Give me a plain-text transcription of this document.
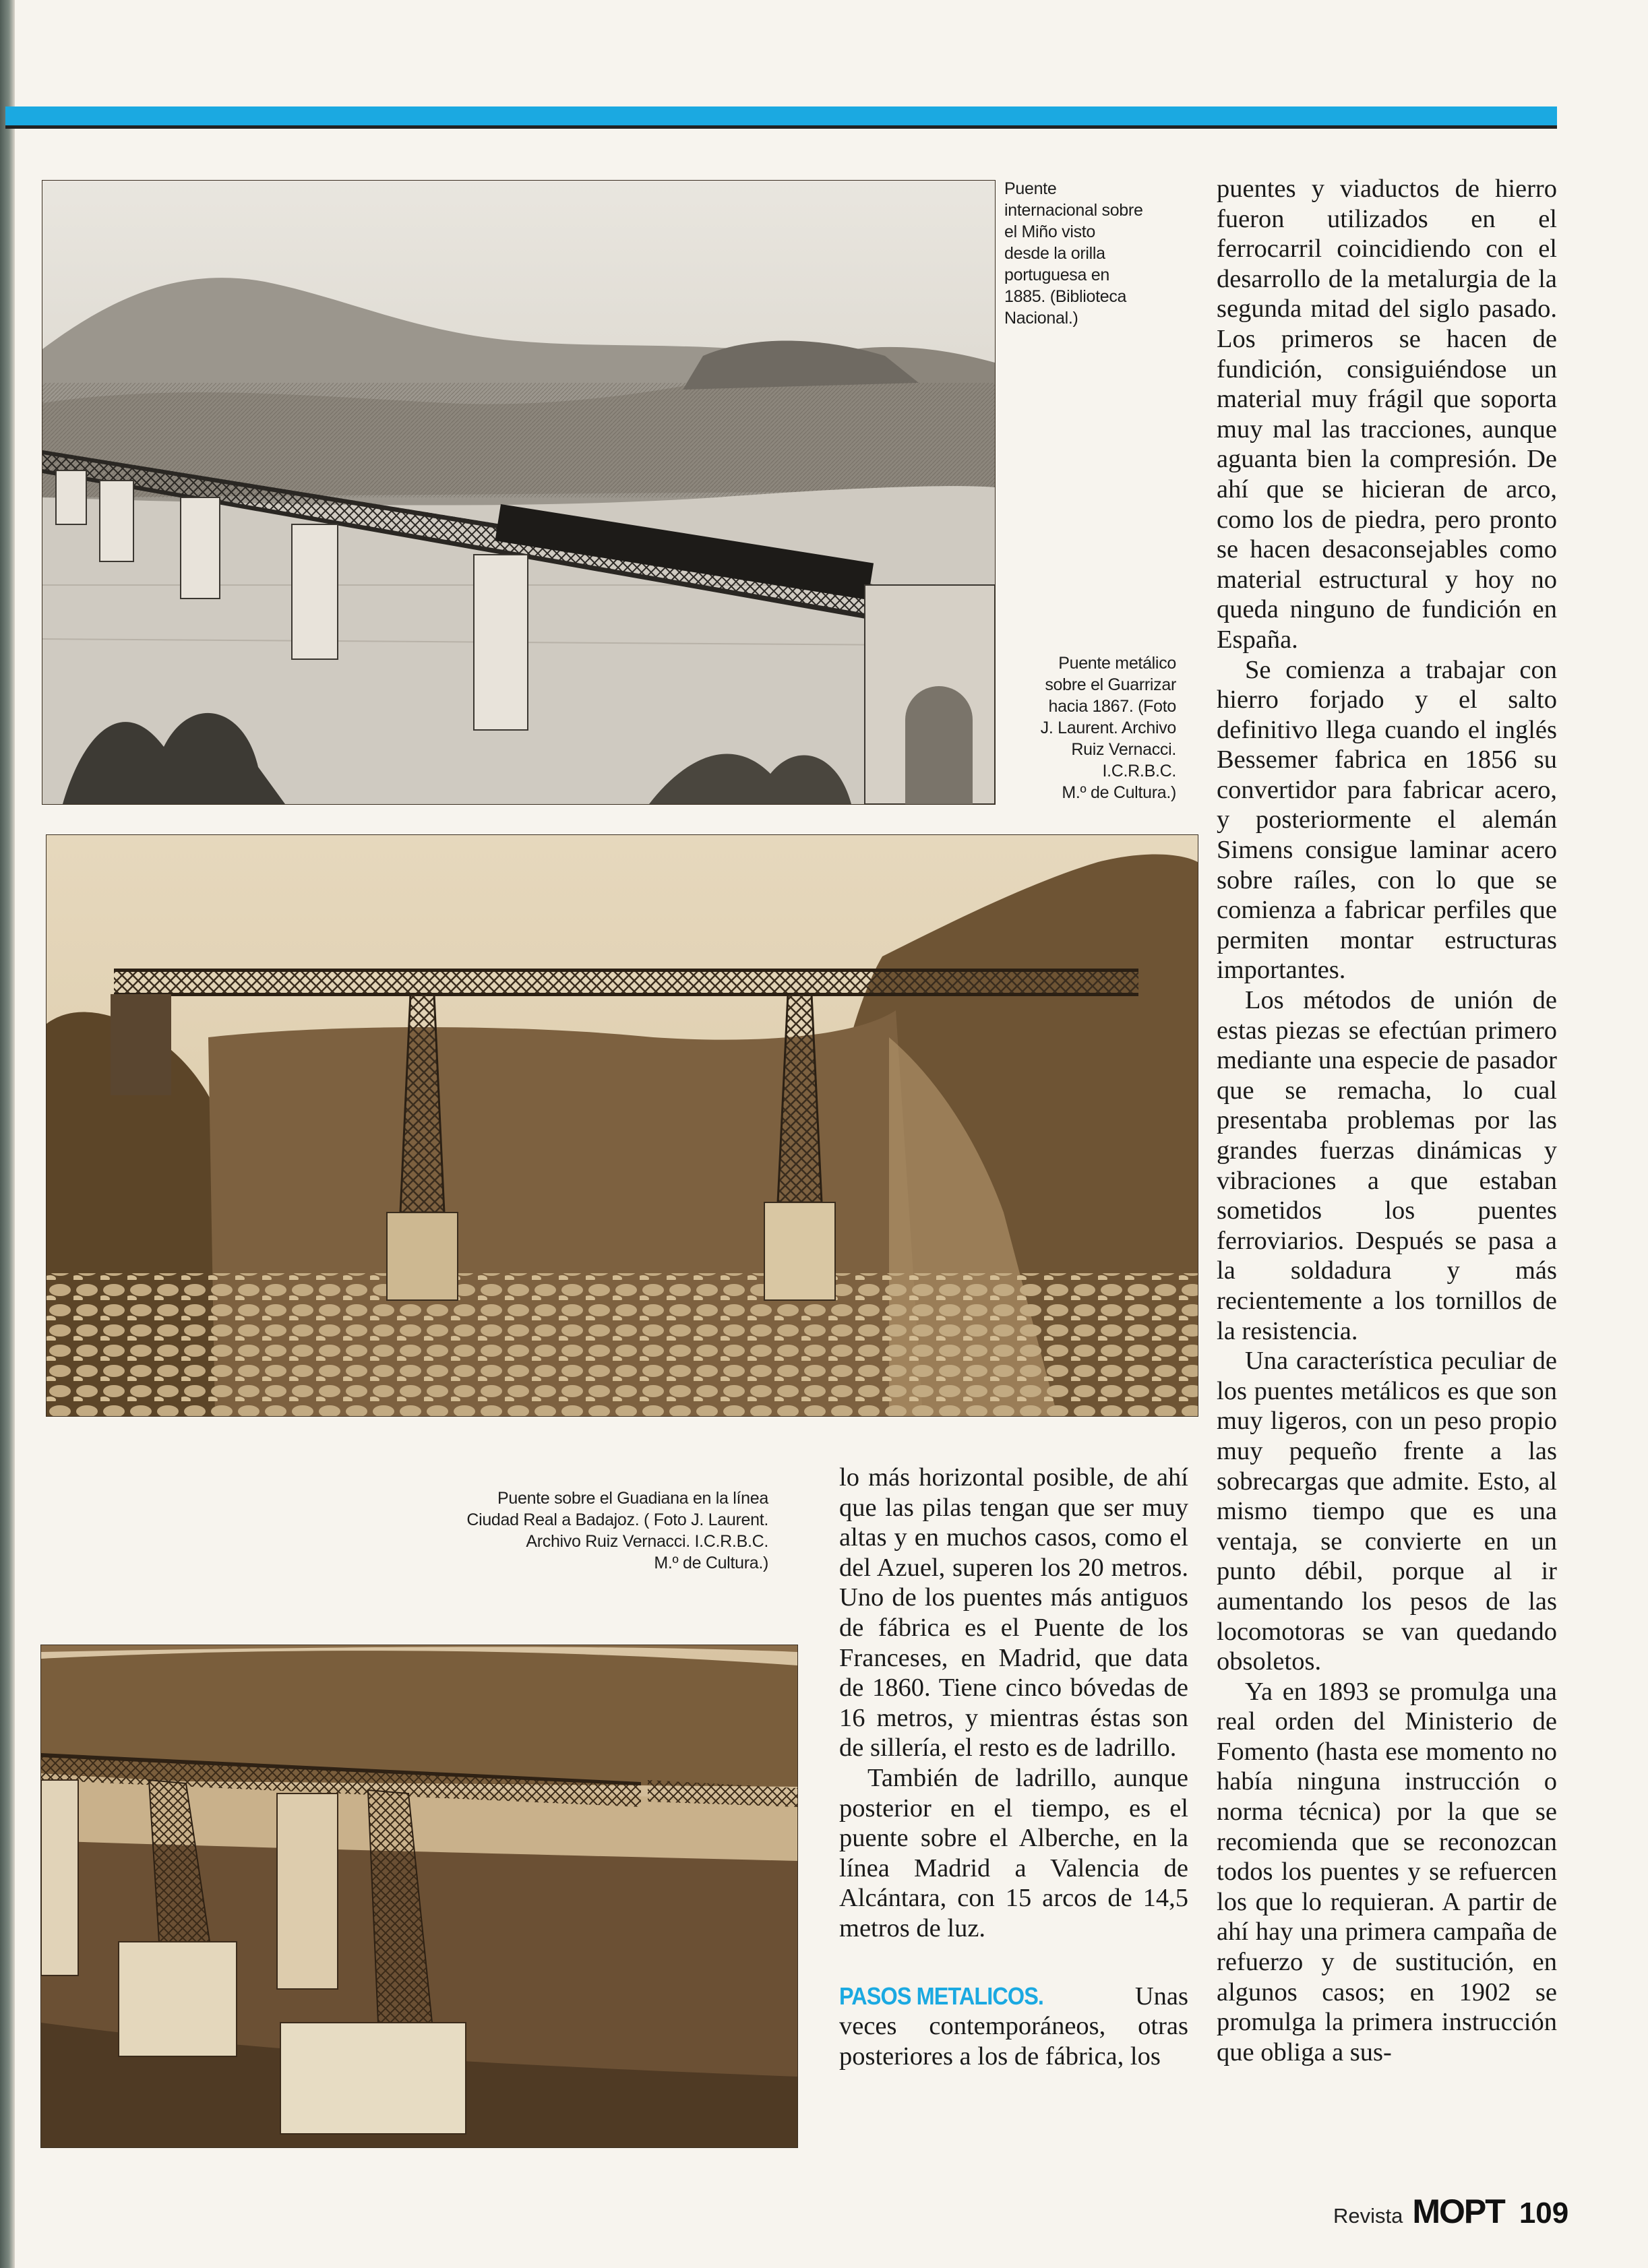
Puente
internacional sobre
el Miño visto
desde la orilla
portuguesa en
1885. (Biblioteca
Nacional.)
Puente metálico
sobre el Guarrizar
hacia 1867. (Foto
J. Laurent. Archivo
Ruiz Vernacci.
I.C.R.B.C.
M.º de Cultura.)
Puente sobre el Guadiana en la línea
Ciudad Real a Badajoz. ( Foto J. Laurent.
Archivo Ruiz Vernacci. I.C.R.B.C.
M.º de Cultura.)

puentes y viaductos de hierro fueron utilizados en el ferrocarril coincidiendo con el desarrollo de la metalurgia de la segunda mitad del siglo pasado. Los primeros se hacen de fundición, consiguiéndose un material muy frágil que soporta muy mal las tracciones, aunque aguanta bien la compresión. De ahí que se hicieran de arco, como los de piedra, pero pronto se hacen desaconsejables como material estructural y hoy no queda ninguno de fundición en España.

Se comienza a trabajar con hierro forjado y el salto definitivo llega cuando el inglés Bessemer fabrica en 1856 su convertidor para fabricar acero, y posteriormente el alemán Simens consigue laminar acero sobre raíles, con lo que se comienza a fabricar perfiles que permiten montar estructuras importantes.

Los métodos de unión de estas piezas se efectúan primero mediante una especie de pasador que se remacha, lo cual presentaba problemas por las grandes fuerzas dinámicas y vibraciones a que estaban sometidos los puentes ferroviarios. Después se pasa a la soldadura y más recientemente a los tornillos de la resistencia.

Una característica peculiar de los puentes metálicos es que son muy ligeros, con un peso propio muy pequeño frente a las sobrecargas que admite. Esto, al mismo tiempo que es una ventaja, se convierte en un punto débil, porque al ir aumentando los pesos de las locomotoras se van quedando obsoletos.

Ya en 1893 se promulga una real orden del Ministerio de Fomento (hasta ese momento no había ninguna instrucción o norma técnica) por la que se recomienda que se reconozcan todos los puentes y se refuercen los que lo requieran. A partir de ahí hay una primera campaña de refuerzo y de sustitución, en algunos casos; en 1902 se promulga la primera instrucción que obliga a sus-

lo más horizontal posible, de ahí que las pilas tengan que ser muy altas y en muchos casos, como el del Azuel, superen los 20 metros. Uno de los puentes más antiguos de fábrica es el Puente de los Franceses, en Madrid, que data de 1860. Tiene cinco bóvedas de 16 metros, y mientras éstas son de sillería, el resto es de ladrillo.

También de ladrillo, aunque posterior en el tiempo, es el puente sobre el Alberche, en la línea Madrid a Valencia de Alcántara, con 15 arcos de 14,5 metros de luz.

PASOS METALICOS.	Unas veces contemporáneos, otras posteriores a los de fábrica, los

Revista MOPT 109
